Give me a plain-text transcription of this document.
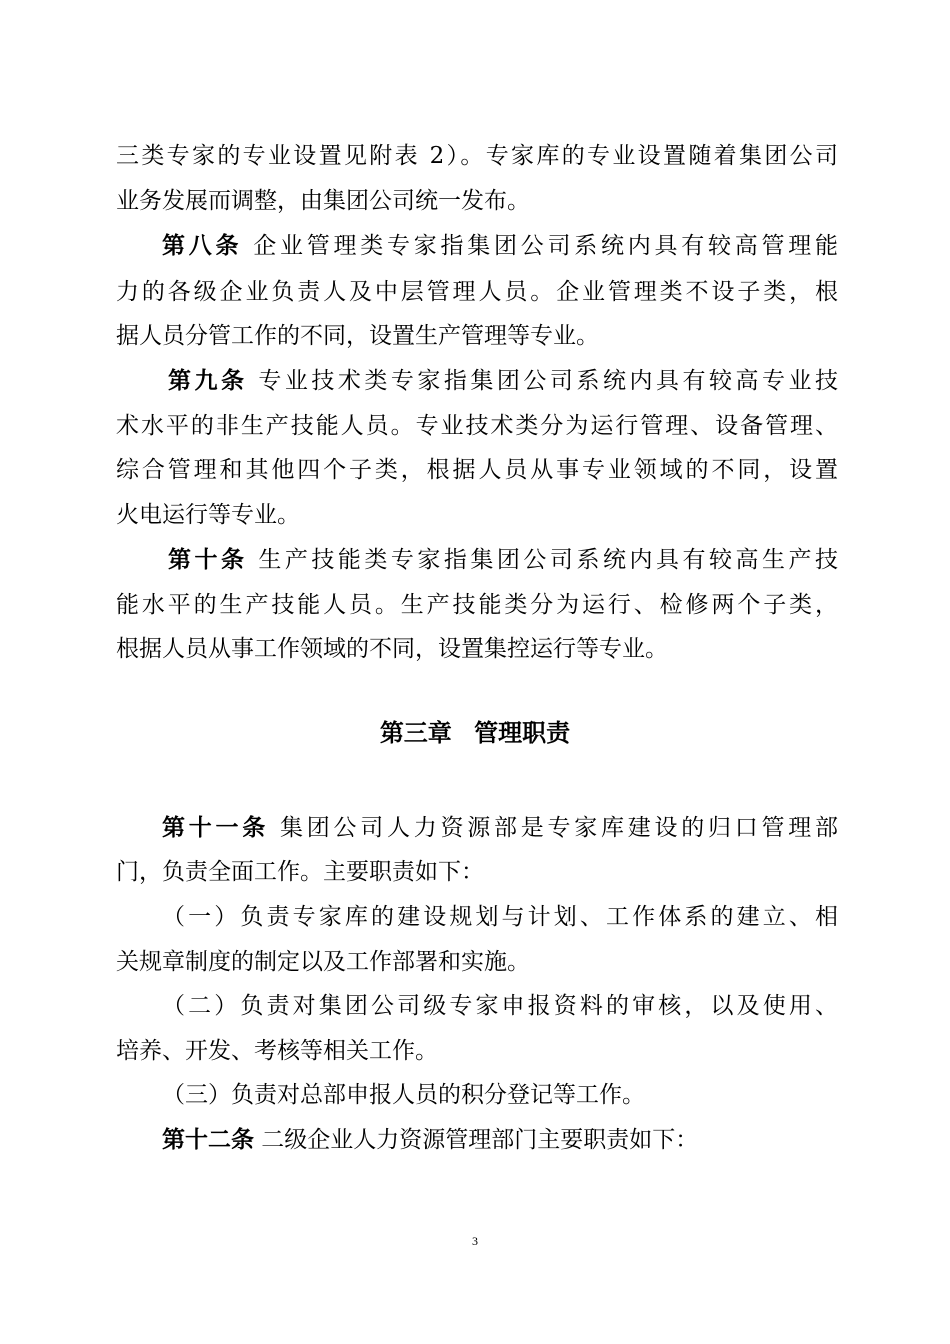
三类专家的专业设置见附表 2）。专家库的专业设置随着集团公司
业务发展而调整，由集团公司统一发布。
第八条 企业管理类专家指集团公司系统内具有较高管理能
力的各级企业负责人及中层管理人员。企业管理类不设子类，根
据人员分管工作的不同，设置生产管理等专业。
第九条 专业技术类专家指集团公司系统内具有较高专业技
术水平的非生产技能人员。专业技术类分为运行管理、设备管理、
综合管理和其他四个子类，根据人员从事专业领域的不同，设置
火电运行等专业。
第十条 生产技能类专家指集团公司系统内具有较高生产技
能水平的生产技能人员。生产技能类分为运行、检修两个子类，
根据人员从事工作领域的不同，设置集控运行等专业。
第三章 管理职责
第十一条 集团公司人力资源部是专家库建设的归口管理部
门，负责全面工作。主要职责如下：
（一）负责专家库的建设规划与计划、工作体系的建立、相
关规章制度的制定以及工作部署和实施。
（二）负责对集团公司级专家申报资料的审核，以及使用、
培养、开发、考核等相关工作。
（三）负责对总部申报人员的积分登记等工作。
第十二条 二级企业人力资源管理部门主要职责如下：
3
